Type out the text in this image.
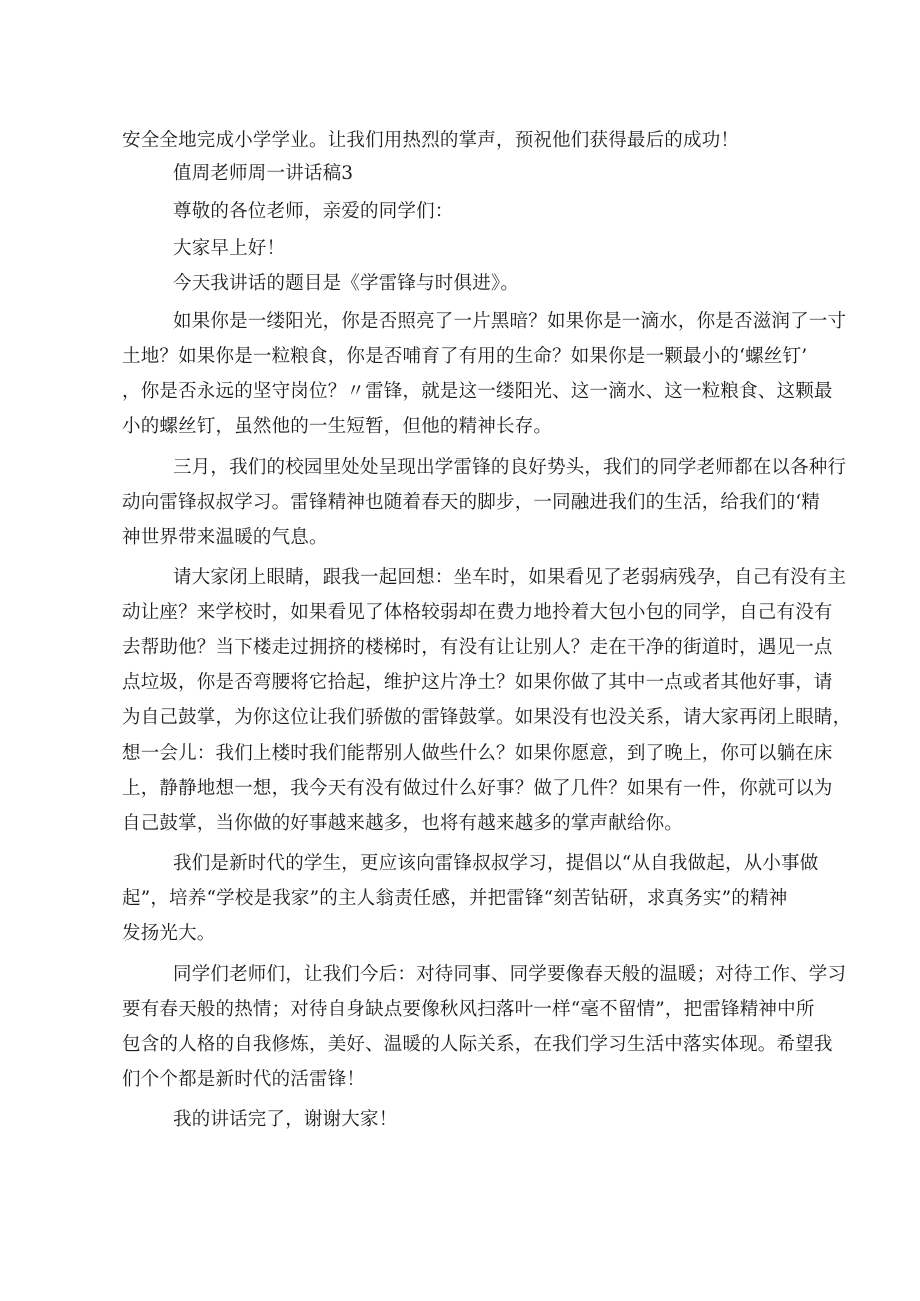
安全全地完成小学学业。让我们用热烈的掌声，预祝他们获得最后的成功！
值周老师周一讲话稿3
尊敬的各位老师，亲爱的同学们：
大家早上好！
今天我讲话的题目是《学雷锋与时俱进》。
如果你是一缕阳光，你是否照亮了一片黑暗？如果你是一滴水，你是否滋润了一寸
土地？如果你是一粒粮食，你是否哺育了有用的生命？如果你是一颗最小的‘螺丝钉’
，你是否永远的坚守岗位？〃雷锋，就是这一缕阳光、这一滴水、这一粒粮食、这颗最
小的螺丝钉，虽然他的一生短暂，但他的精神长存。
三月，我们的校园里处处呈现出学雷锋的良好势头，我们的同学老师都在以各种行
动向雷锋叔叔学习。雷锋精神也随着春天的脚步，一同融进我们的生活，给我们的‘精
神世界带来温暖的气息。
请大家闭上眼睛，跟我一起回想：坐车时，如果看见了老弱病残孕，自己有没有主
动让座？来学校时，如果看见了体格较弱却在费力地拎着大包小包的同学，自己有没有
去帮助他？当下楼走过拥挤的楼梯时，有没有让让别人？走在干净的街道时，遇见一点
点垃圾，你是否弯腰将它拾起，维护这片净土？如果你做了其中一点或者其他好事，请
为自己鼓掌，为你这位让我们骄傲的雷锋鼓掌。如果没有也没关系，请大家再闭上眼睛，
想一会儿：我们上楼时我们能帮别人做些什么？如果你愿意，到了晚上，你可以躺在床
上，静静地想一想，我今天有没有做过什么好事？做了几件？如果有一件，你就可以为
自己鼓掌，当你做的好事越来越多，也将有越来越多的掌声献给你。
我们是新时代的学生，更应该向雷锋叔叔学习，提倡以“从自我做起，从小事做
起”，培养“学校是我家”的主人翁责任感，并把雷锋“刻苦钻研，求真务实”的精神
发扬光大。
同学们老师们，让我们今后：对待同事、同学要像春天般的温暖；对待工作、学习
要有春天般的热情；对待自身缺点要像秋风扫落叶一样“毫不留情”，把雷锋精神中所
包含的人格的自我修炼，美好、温暖的人际关系，在我们学习生活中落实体现。希望我
们个个都是新时代的活雷锋！
我的讲话完了，谢谢大家！
